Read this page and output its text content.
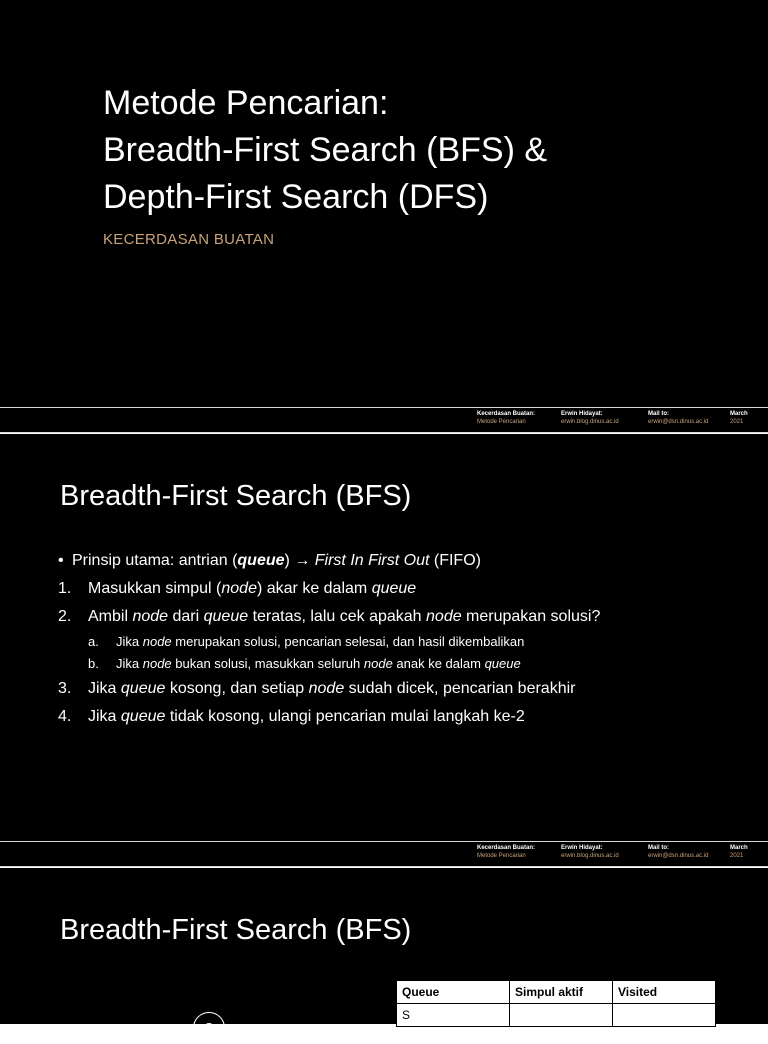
Metode Pencarian:
Breadth-First Search (BFS) &
Depth-First Search (DFS)
KECERDASAN BUATAN
Kecerdasan Buatan:
Metode Pencarian
Erwin Hidayat:
erwin.blog.dinus.ac.id
Mail to:
erwin@dsn.dinus.ac.id
March
2021
Breadth-First Search (BFS)
• Prinsip utama: antrian (queue) → First In First Out (FIFO)
1. Masukkan simpul (node) akar ke dalam queue
2. Ambil node dari queue teratas, lalu cek apakah node merupakan solusi?
a. Jika node merupakan solusi, pencarian selesai, dan hasil dikembalikan
b. Jika node bukan solusi, masukkan seluruh node anak ke dalam queue
3. Jika queue kosong, dan setiap node sudah dicek, pencarian berakhir
4. Jika queue tidak kosong, ulangi pencarian mulai langkah ke-2
Kecerdasan Buatan:
Metode Pencarian
Erwin Hidayat:
erwin.blog.dinus.ac.id
Mail to:
erwin@dsn.dinus.ac.id
March
2021
Breadth-First Search (BFS)
Queue	Simpul aktif	Visited
S		
S
